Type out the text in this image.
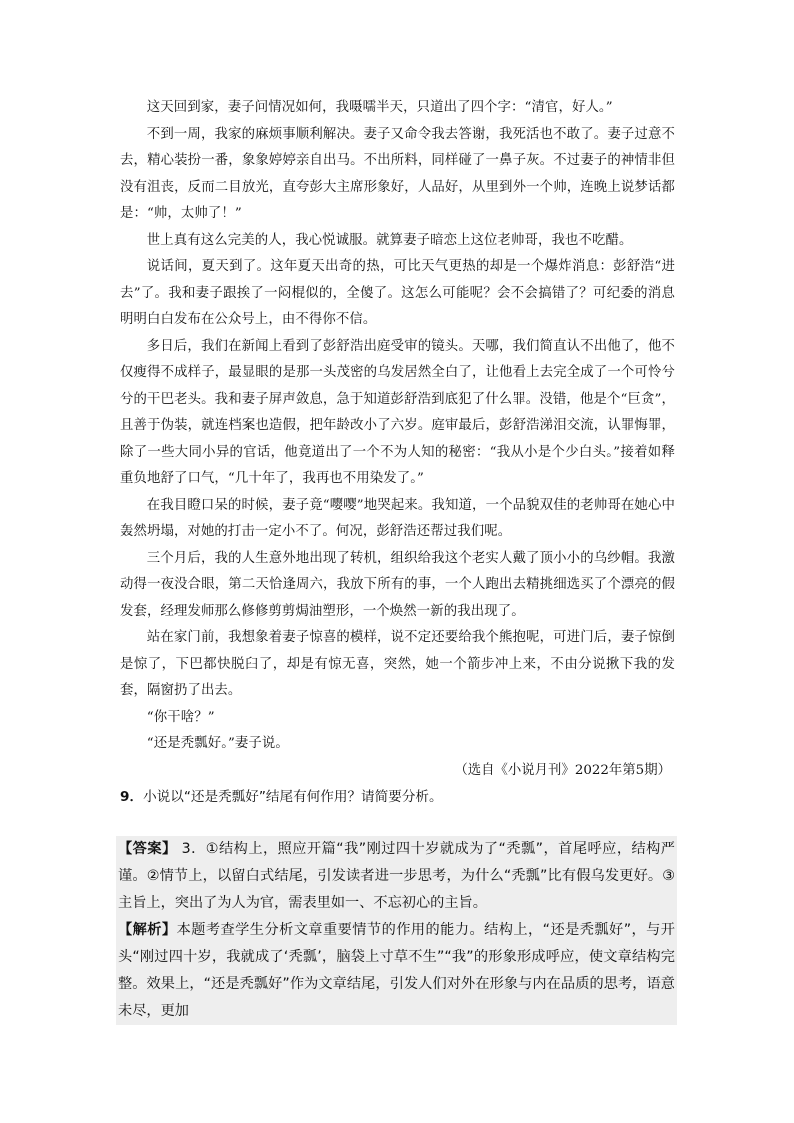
这天回到家，妻子问情况如何，我嗫嚅半天，只道出了四个字：“清官，好人。”

不到一周，我家的麻烦事顺利解决。妻子又命令我去答谢，我死活也不敢了。妻子过意不去，精心装扮一番，象象婷婷亲自出马。不出所料，同样碰了一鼻子灰。不过妻子的神情非但没有沮丧，反而二目放光，直夸彭大主席形象好，人品好，从里到外一个帅，连晚上说梦话都是：“帅，太帅了！”

世上真有这么完美的人，我心悦诚服。就算妻子暗恋上这位老帅哥，我也不吃醋。

说话间，夏天到了。这年夏天出奇的热，可比天气更热的却是一个爆炸消息：彭舒浩“进去”了。我和妻子跟挨了一闷棍似的，全傻了。这怎么可能呢？会不会搞错了？可纪委的消息明明白白发布在公众号上，由不得你不信。

多日后，我们在新闻上看到了彭舒浩出庭受审的镜头。天哪，我们简直认不出他了，他不仅瘦得不成样子，最显眼的是那一头茂密的乌发居然全白了，让他看上去完全成了一个可怜兮兮的干巴老头。我和妻子屏声敛息，急于知道彭舒浩到底犯了什么罪。没错，他是个“巨贪”，且善于伪装，就连档案也造假，把年龄改小了六岁。庭审最后，彭舒浩涕泪交流，认罪悔罪，除了一些大同小异的官话，他竟道出了一个不为人知的秘密：“我从小是个少白头。”接着如释重负地舒了口气，“几十年了，我再也不用染发了。”

在我目瞪口呆的时候，妻子竟“嘤嘤”地哭起来。我知道，一个品貌双佳的老帅哥在她心中轰然坍塌，对她的打击一定小不了。何况，彭舒浩还帮过我们呢。

三个月后，我的人生意外地出现了转机，组织给我这个老实人戴了顶小小的乌纱帽。我激动得一夜没合眼，第二天恰逢周六，我放下所有的事，一个人跑出去精挑细选买了个漂亮的假发套，经理发师那么修修剪剪焗油塑形，一个焕然一新的我出现了。

站在家门前，我想象着妻子惊喜的模样，说不定还要给我个熊抱呢，可进门后，妻子惊倒是惊了，下巴都快脱臼了，却是有惊无喜，突然，她一个箭步冲上来，不由分说揪下我的发套，隔窗扔了出去。

“你干啥？”

“还是秃瓢好。”妻子说。

（选自《小说月刊》2022年第5期）
9．小说以“还是秃瓢好”结尾有何作用？请简要分析。

【答案】 3．①结构上，照应开篇“我”刚过四十岁就成为了“秃瓢”，首尾呼应，结构严谨。②情节上，以留白式结尾，引发读者进一步思考，为什么“秃瓢”比有假乌发更好。③主旨上，突出了为人为官，需表里如一、不忘初心的主旨。

【解析】本题考查学生分析文章重要情节的作用的能力。结构上，“还是秃瓢好”，与开头“刚过四十岁，我就成了‘秃瓢’，脑袋上寸草不生”“我”的形象形成呼应，使文章结构完整。效果上，“还是秃瓢好”作为文章结尾，引发人们对外在形象与内在品质的思考，语意未尽，更加
